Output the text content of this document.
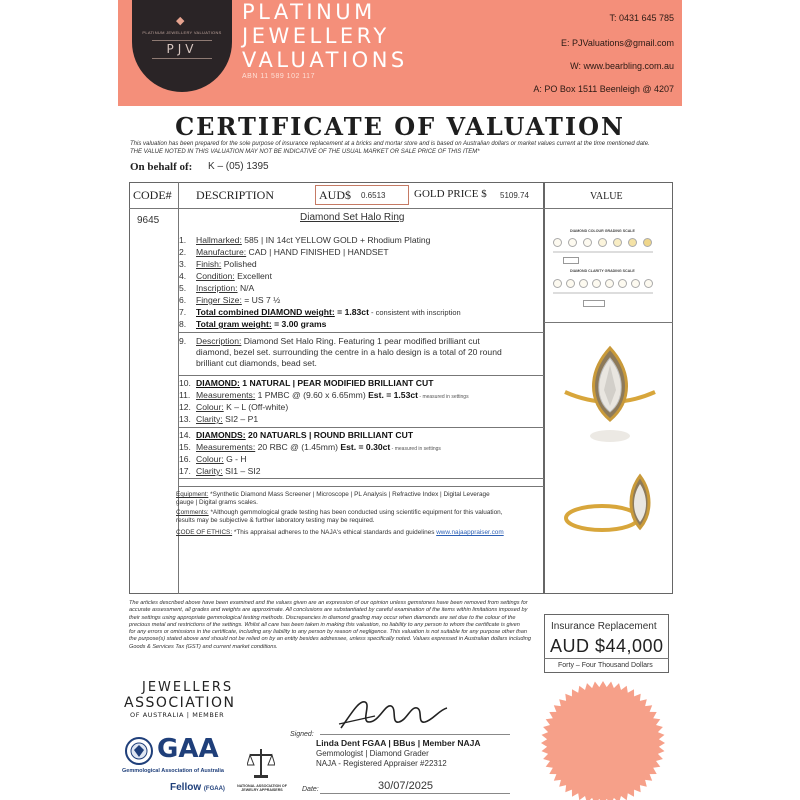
◆
PLATINUM JEWELLERY VALUATIONS
PJV
PLATINUM
JEWELLERY
VALUATIONS
ABN 11 589 102 117
T: 0431 645 785
E: PJValuations@gmail.com
W: www.bearbling.com.au
A: PO Box 1511 Beenleigh @ 4207
CERTIFICATE OF VALUATION
This valuation has been prepared for the sole purpose of insurance replacement at a bricks and mortar store and is based on Australian dollars or market values current at the time mentioned date.
THE VALUE NOTED IN THIS VALUATION MAY NOT BE INDICATIVE OF THE USUAL MARKET OR SALE PRICE OF THIS ITEM*
On behalf of: K – (05) 1395
CODE# DESCRIPTION	AUD$ 0.6513	GOLD PRICE $ 5109.74	VALUE
9645	Diamond Set Halo Ring
1. Hallmarked: 585 | IN 14ct YELLOW GOLD + Rhodium Plating
2. Manufacture: CAD | HAND FINISHED | HANDSET
3. Finish: Polished
4. Condition: Excellent
5. Inscription: N/A
6. Finger Size: = US 7 ½
7. Total combined DIAMOND weight: = 1.83ct - consistent with inscription
8. Total gram weight: = 3.00 grams
9. Description: Diamond Set Halo Ring. Featuring 1 pear modified brilliant cut
diamond, bezel set. surrounding the centre in a halo design is a total of 20 round
brilliant cut diamonds, bead set.
10. DIAMOND: 1 NATURAL | PEAR MODIFIED BRILLIANT CUT
11. Measurements: 1 PMBC @ (9.60 x 6.65mm) Est. = 1.53ct - measured in settings
12. Colour: K – L (Off-white)
13. Clarity: SI2 – P1
14. DIAMONDS: 20 NATUARLS | ROUND BRILLIANT CUT
15. Measurements: 20 RBC @ (1.45mm) Est. = 0.30ct - measured in settings
16. Colour: G - H
17. Clarity: SI1 – SI2
Equipment: *Synthetic Diamond Mass Screener | Microscope | PL Analysis | Refractive Index | Digital Leverage
gauge | Digital grams scales.
Comments: *Although gemmological grade testing has been conducted using scientific equipment for this valuation,
results may be subjective & further laboratory testing may be required.
CODE OF ETHICS: *This appraisal adheres to the NAJA's ethical standards and guidelines www.najaappraiser.com
DIAMOND COLOUR GRADING SCALE
DIAMOND CLARITY GRADING SCALE
The articles described above have been examined and the values given are an expression of our opinion unless gemstones have been removed from settings for
accurate assessment, all grades and weights are approximate. All conclusions are substantiated by careful examination of the items within limitations imposed by
their settings using appropriate gemmological testing methods. Discrepancies in diamond grading may occur when diamonds are set due to the colour of the
precious metal and restrictions of the settings. Whilst all care has been taken in making this valuation, no liability to any person to whom the certificate is given
for any errors or omissions in the certificate, including any liability to any person by reason of negligence. This valuation is not suitable for any purpose other than
the purpose(s) stated above and should not be relied on by an entity besides addressee, unless specifically noted. Values expressed in Australian dollars including
Goods & Services Tax (GST) and current market conditions.
Insurance Replacement
AUD $44,000
Forty – Four Thousand Dollars
JEWELLERS
ASSOCIATION
OF AUSTRALIA | MEMBER
GAA
Gemmological Association of Australia
Fellow (FGAA)	NATIONAL ASSOCIATION OF
JEWELRY APPRAISERS
Signed:
Linda Dent FGAA | BBus | Member NAJA
Gemmologist | Diamond Grader
NAJA - Registered Appraiser #22312
Date:	30/07/2025
